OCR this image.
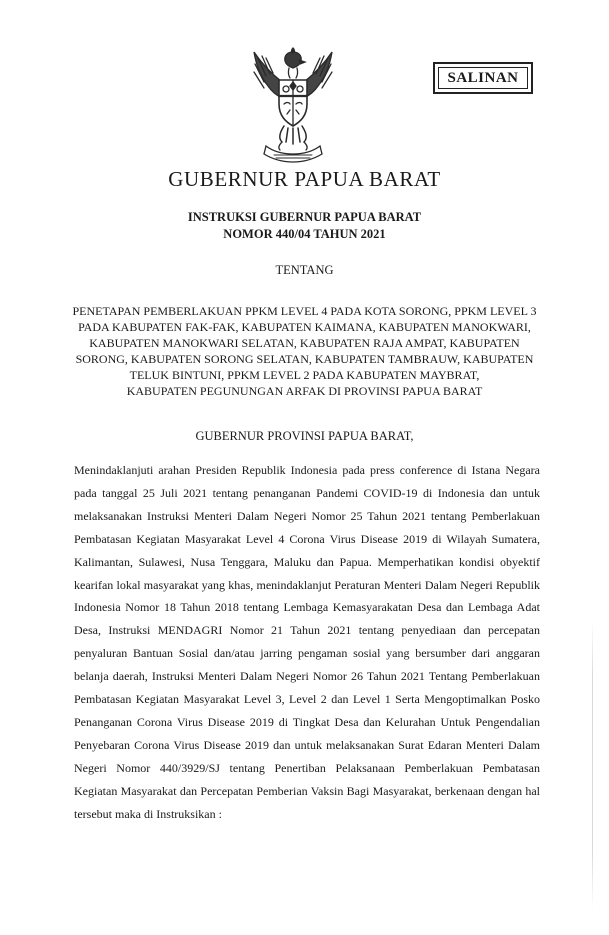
SALINAN
GUBERNUR PAPUA BARAT
INSTRUKSI GUBERNUR PAPUA BARAT
NOMOR 440/04 TAHUN 2021
TENTANG
PENETAPAN PEMBERLAKUAN PPKM LEVEL 4 PADA KOTA SORONG, PPKM LEVEL 3
PADA KABUPATEN FAK-FAK, KABUPATEN KAIMANA, KABUPATEN MANOKWARI,
KABUPATEN MANOKWARI SELATAN, KABUPATEN RAJA AMPAT, KABUPATEN
SORONG, KABUPATEN SORONG SELATAN, KABUPATEN TAMBRAUW, KABUPATEN
TELUK BINTUNI, PPKM LEVEL 2 PADA KABUPATEN MAYBRAT,
KABUPATEN PEGUNUNGAN ARFAK DI PROVINSI PAPUA BARAT
GUBERNUR PROVINSI PAPUA BARAT,
Menindaklanjuti arahan Presiden Republik Indonesia pada press conference di Istana Negara
pada tanggal 25 Juli 2021 tentang penanganan Pandemi COVID-19 di Indonesia dan untuk
melaksanakan Instruksi Menteri Dalam Negeri Nomor 25 Tahun 2021 tentang Pemberlakuan
Pembatasan Kegiatan Masyarakat Level 4 Corona Virus Disease 2019 di Wilayah Sumatera,
Kalimantan, Sulawesi, Nusa Tenggara, Maluku dan Papua. Memperhatikan kondisi obyektif
kearifan lokal masyarakat yang khas, menindaklanjut Peraturan Menteri Dalam Negeri Republik
Indonesia Nomor 18 Tahun 2018 tentang Lembaga Kemasyarakatan Desa dan Lembaga Adat
Desa, Instruksi MENDAGRI Nomor 21 Tahun 2021 tentang penyediaan dan percepatan
penyaluran Bantuan Sosial dan/atau jarring pengaman sosial yang bersumber dari anggaran
belanja daerah, Instruksi Menteri Dalam Negeri Nomor 26 Tahun 2021 Tentang Pemberlakuan
Pembatasan Kegiatan Masyarakat Level 3, Level 2 dan Level 1 Serta Mengoptimalkan Posko
Penanganan Corona Virus Disease 2019 di Tingkat Desa dan Kelurahan Untuk Pengendalian
Penyebaran Corona Virus Disease 2019 dan untuk melaksanakan Surat Edaran Menteri Dalam
Negeri Nomor 440/3929/SJ tentang Penertiban Pelaksanaan Pemberlakuan Pembatasan
Kegiatan Masyarakat dan Percepatan Pemberian Vaksin Bagi Masyarakat, berkenaan dengan hal
tersebut maka di Instruksikan :
